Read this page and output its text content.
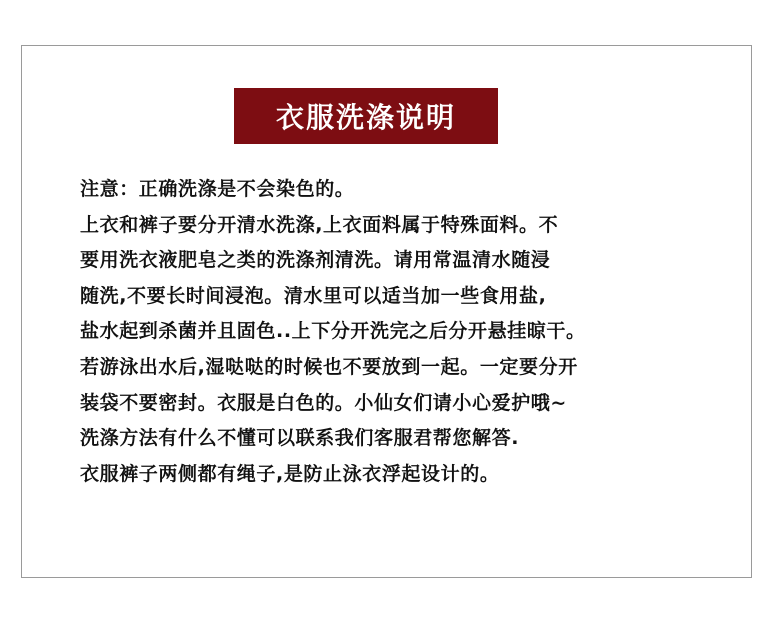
衣服洗涤说明
注意：正确洗涤是不会染色的。
上衣和裤子要分开清水洗涤,上衣面料属于特殊面料。不
要用洗衣液肥皂之类的洗涤剂清洗。请用常温清水随浸
随洗,不要长时间浸泡。清水里可以适当加一些食用盐,
盐水起到杀菌并且固色..上下分开洗完之后分开悬挂晾干。
若游泳出水后,湿哒哒的时候也不要放到一起。一定要分开
装袋不要密封。衣服是白色的。小仙女们请小心爱护哦~
洗涤方法有什么不懂可以联系我们客服君帮您解答.
衣服裤子两侧都有绳子,是防止泳衣浮起设计的。
